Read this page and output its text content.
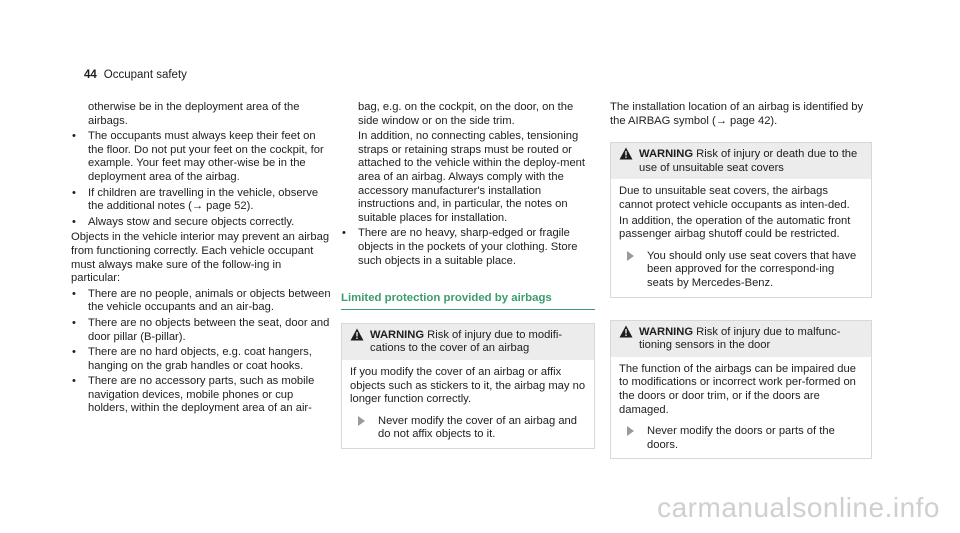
44 Occupant safety

otherwise be in the deployment area of the airbags.

• The occupants must always keep their feet on the floor. Do not put your feet on the cockpit, for example. Your feet may other-wise be in the deployment area of the airbag.
• If children are travelling in the vehicle, observe the additional notes (→ page 52).
• Always stow and secure objects correctly.

Objects in the vehicle interior may prevent an airbag from functioning correctly. Each vehicle occupant must always make sure of the follow-ing in particular:

• There are no people, animals or objects between the vehicle occupants and an air-bag.
• There are no objects between the seat, door and door pillar (B-pillar).
• There are no hard objects, e.g. coat hangers, hanging on the grab handles or coat hooks.
• There are no accessory parts, such as mobile navigation devices, mobile phones or cup holders, within the deployment area of an air-

bag, e.g. on the cockpit, on the door, on the side window or on the side trim.

In addition, no connecting cables, tensioning straps or retaining straps must be routed or attached to the vehicle within the deploy-ment area of an airbag. Always comply with the accessory manufacturer's installation instructions and, in particular, the notes on suitable places for installation.

• There are no heavy, sharp-edged or fragile objects in the pockets of your clothing. Store such objects in a suitable place.
Limited protection provided by airbags
WARNING Risk of injury due to modifi-cations to the cover of an airbag

If you modify the cover of an airbag or affix objects such as stickers to it, the airbag may no longer function correctly.

Never modify the cover of an airbag and do not affix objects to it.

The installation location of an airbag is identified by the AIRBAG symbol (→ page 42).

WARNING Risk of injury or death due to the use of unsuitable seat covers

Due to unsuitable seat covers, the airbags cannot protect vehicle occupants as inten-ded.

In addition, the operation of the automatic front passenger airbag shutoff could be restricted.

You should only use seat covers that have been approved for the correspond-ing seats by Mercedes-Benz.
WARNING Risk of injury due to malfunc-tioning sensors in the door

The function of the airbags can be impaired due to modifications or incorrect work per-formed on the doors or door trim, or if the doors are damaged.

Never modify the doors or parts of the doors.
carmanualsonline.info
